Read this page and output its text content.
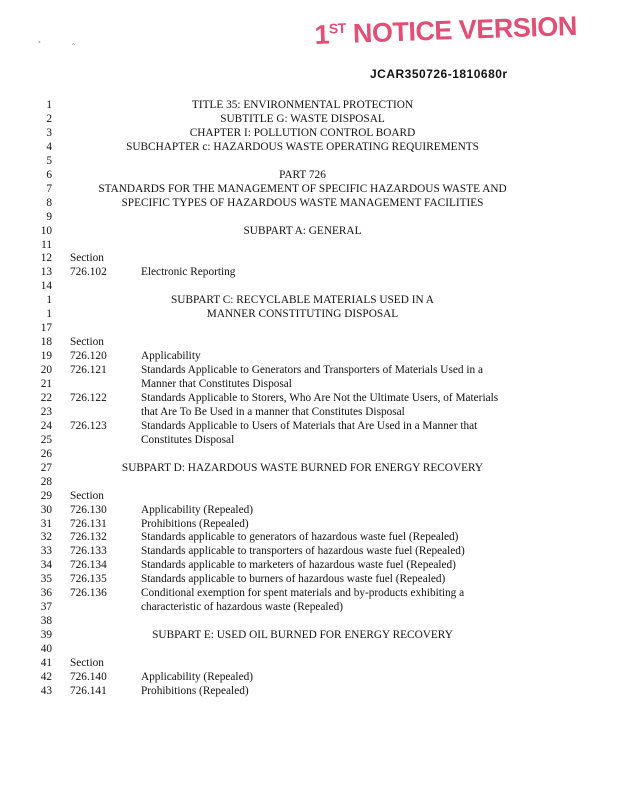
•	⌃	1ST NOTICE VERSION
JCAR350726-1810680r
1	TITLE 35: ENVIRONMENTAL PROTECTION
2	SUBTITLE G: WASTE DISPOSAL
3	CHAPTER I: POLLUTION CONTROL BOARD
4	SUBCHAPTER c: HAZARDOUS WASTE OPERATING REQUIREMENTS
5
6	PART 726
7	STANDARDS FOR THE MANAGEMENT OF SPECIFIC HAZARDOUS WASTE AND
8	SPECIFIC TYPES OF HAZARDOUS WASTE MANAGEMENT FACILITIES
9
10	SUBPART A: GENERAL
11
12 Section
13 726.102	Electronic Reporting
14
1	SUBPART C: RECYCLABLE MATERIALS USED IN A
1	MANNER CONSTITUTING DISPOSAL
17
18 Section
19 726.120	Applicability
20 726.121	Standards Applicable to Generators and Transporters of Materials Used in a
21	Manner that Constitutes Disposal
22 726.122	Standards Applicable to Storers, Who Are Not the Ultimate Users, of Materials
23	that Are To Be Used in a manner that Constitutes Disposal
24 726.123	Standards Applicable to Users of Materials that Are Used in a Manner that
25	Constitutes Disposal
26
27	SUBPART D: HAZARDOUS WASTE BURNED FOR ENERGY RECOVERY
28
29 Section
30 726.130	Applicability (Repealed)
31 726.131	Prohibitions (Repealed)
32 726.132	Standards applicable to generators of hazardous waste fuel (Repealed)
33 726.133	Standards applicable to transporters of hazardous waste fuel (Repealed)
34 726.134	Standards applicable to marketers of hazardous waste fuel (Repealed)
35 726.135	Standards applicable to burners of hazardous waste fuel (Repealed)
36 726.136	Conditional exemption for spent materials and by-products exhibiting a
37	characteristic of hazardous waste (Repealed)
38
39	SUBPART E: USED OIL BURNED FOR ENERGY RECOVERY
40
41 Section
42 726.140	Applicability (Repealed)
43 726.141	Prohibitions (Repealed)
